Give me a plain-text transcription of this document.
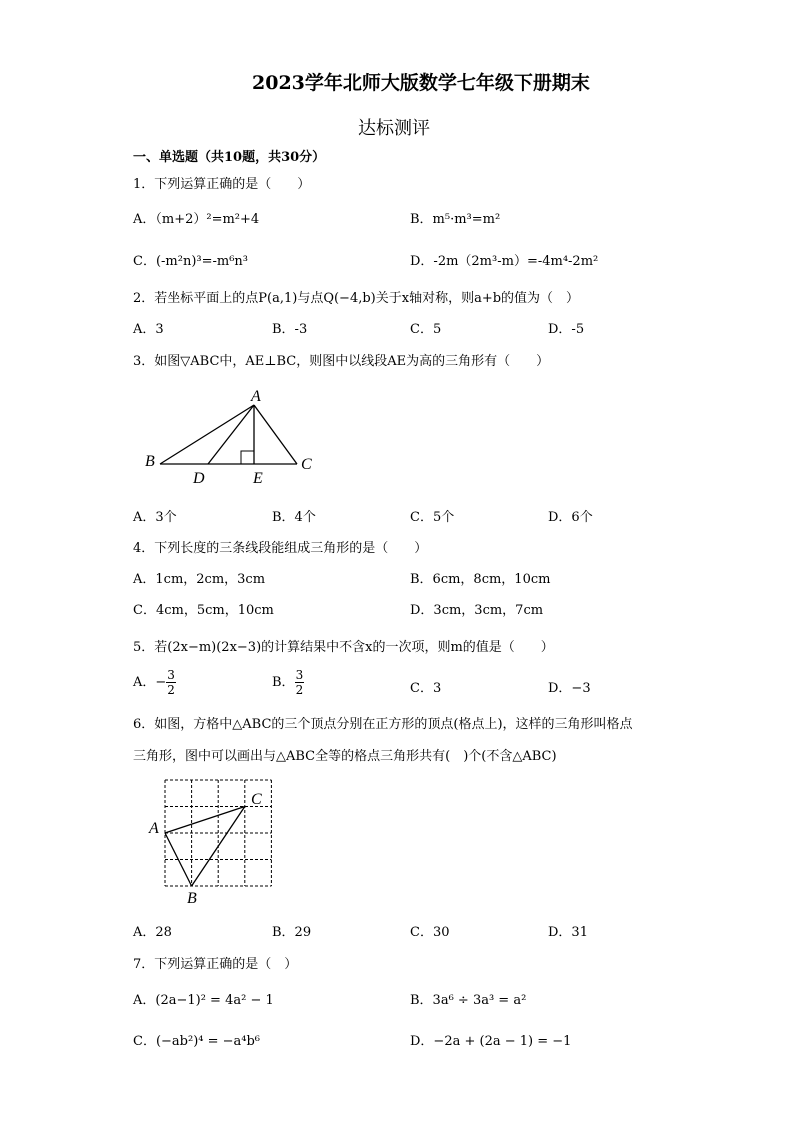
2023学年北师大版数学七年级下册期末
达标测评
一、单选题（共10题，共30分）
1．下列运算正确的是（　　）
A．（m+2）²=m²+4	B．m⁵·m³=m²
C．(-m²n)³=-m⁶n³	D．-2m（2m³-m）=-4m⁴-2m²
2．若坐标平面上的点P(a,1)与点Q(−4,b)关于x轴对称，则a+b的值为（　）
A．3	B．-3	C．5	D．-5
3．如图▽ABC中，AE⊥BC，则图中以线段AE为高的三角形有（　　）
A
B	C
D	E
A．3个	B．4个	C．5个	D．6个
4．下列长度的三条线段能组成三角形的是（　　）
A．1cm，2cm，3cm	B．6cm，8cm，10cm
C．4cm，5cm，10cm	D．3cm，3cm，7cm
5．若(2x−m)(2x−3)的计算结果中不含x的一次项，则m的值是（　　）
A．− $\frac{3}{2}$	B． $\frac{3}{2}$	C．3	D．−3
6．如图，方格中△ABC的三个顶点分别在正方形的顶点(格点上)，这样的三角形叫格点
三角形，图中可以画出与△ABC全等的格点三角形共有(　)个(不含△ABC)
A
C
B
A．28	B．29	C．30	D．31
7．下列运算正确的是（　）
A．(2a−1)² = 4a² − 1	B．3a⁶ ÷ 3a³ = a²
C．(−ab²)⁴ = −a⁴b⁶	D．−2a + (2a − 1) = −1
